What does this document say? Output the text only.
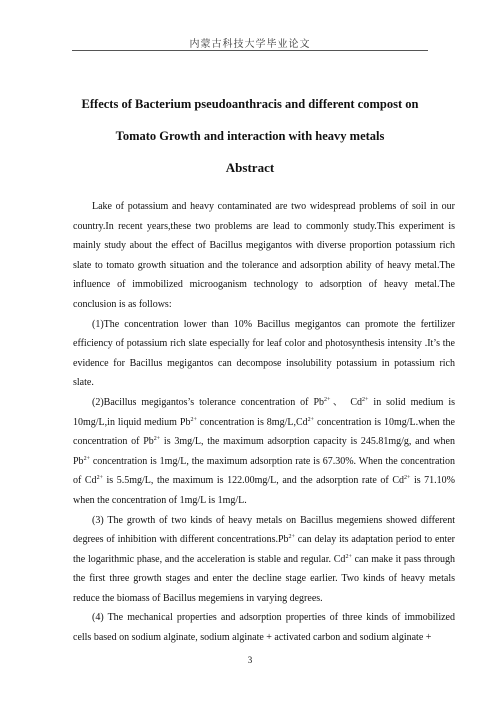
内蒙古科技大学毕业论文
Effects of Bacterium pseudoanthracis and different compost on
Tomato Growth and interaction with heavy metals
Abstract

Lake of potassium and heavy contaminated are two widespread problems of soil in our country.In recent years,these two problems are lead to commonly study.This experiment is mainly study about the effect of Bacillus megigantos with diverse proportion potassium rich slate to tomato growth situation and the tolerance and adsorption ability of heavy metal.The influence of immobilized microoganism technology to adsorption of heavy metal.The conclusion is as follows:

(1)The concentration lower than 10% Bacillus megigantos can promote the fertilizer efficiency of potassium rich slate especially for leaf color and photosynthesis intensity .It’s the evidence for Bacillus megigantos can decompose insolubility potassium in potassium rich slate.

(2)Bacillus megigantos’s tolerance concentration of $Pb^{2+}$、 $Cd^{2+}$ in solid medium is 10mg/L,in liquid medium $Pb^{2+}$ concentration is $8mg/L,Cd^{2+}$ concentration is 10mg/L.when the concentration of $Pb^{2+}$ is 3mg/L, the maximum adsorption capacity is 245.81mg/g, and when $Pb^{2+}$ concentration is 1mg/L, the maximum adsorption rate is 67.30%. When the concentration of $Cd^{2+}$ is 5.5mg/L, the maximum is 122.00mg/L, and the adsorption rate of $Cd^{2+}$ is 71.10% when the concentration of 1mg/L is 1mg/L.

(3) The growth of two kinds of heavy metals on Bacillus megemiens showed different degrees of inhibition with different $concentrations.Pb^{2+}$ can delay its adaptation period to enter the logarithmic phase, and the acceleration is stable and regular. $Cd^{2+}$ can make it pass through the first three growth stages and enter the decline stage earlier. Two kinds of heavy metals reduce the biomass of Bacillus megemiens in varying degrees.

(4) The mechanical properties and adsorption properties of three kinds of immobilized cells based on sodium alginate, sodium alginate + activated carbon and sodium alginate +

3
